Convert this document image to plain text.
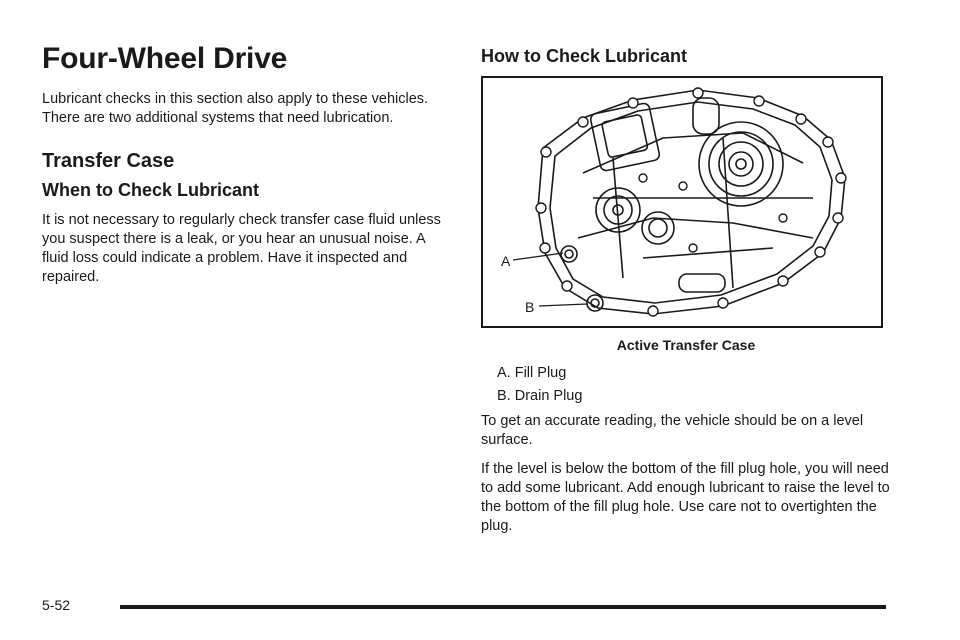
Four-Wheel Drive

Lubricant checks in this section also apply to these vehicles. There are two additional systems that need lubrication.

Transfer Case
When to Check Lubricant

It is not necessary to regularly check transfer case fluid unless you suspect there is a leak, or you hear an unusual noise. A fluid loss could indicate a problem. Have it inspected and repaired.

How to Check Lubricant
A
B
Active Transfer Case
A. Fill Plug
B. Drain Plug

To get an accurate reading, the vehicle should be on a level surface.

If the level is below the bottom of the fill plug hole, you will need to add some lubricant. Add enough lubricant to raise the level to the bottom of the fill plug hole. Use care not to overtighten the plug.

5-52
